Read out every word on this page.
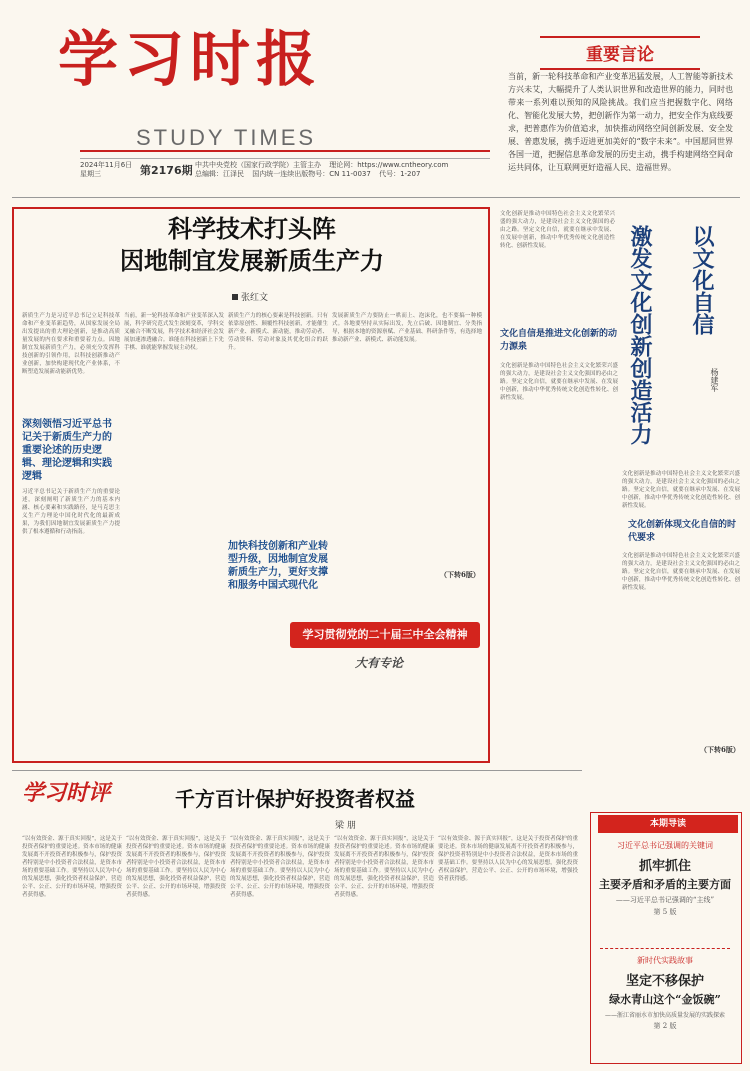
学习时报
STUDY TIMES
2024年11月6日 星期三	第2176期 中共中央党校（国家行政学院）主管主办 理论网：https://www.cntheory.com
总编辑：江泽民 国内统一连续出版物号：CN 11-0037 代号：1-207
重要言论
当前，新一轮科技革命和产业变革迅猛发展，人工智能等新技术方兴未艾，大幅提升了人类认识世界和改造世界的能力，同时也带来一系列难以预知的风险挑战。我们应当把握数字化、网络化、智能化发展大势，把创新作为第一动力，把安全作为底线要求，把普惠作为价值追求，加快推动网络空间创新发展、安全发展、普惠发展，携手迈进更加美好的“数字未来”。中国愿同世界各国一道，把握信息革命发展的历史主动，携手构建网络空间命运共同体，让互联网更好造福人民、造福世界。
科学技术打头阵
因地制宜发展新质生产力
张红文
新质生产力是习近平总书记立足科技革命和产业变革新趋势，从国家发展全局出发提出的重大理论创新，是推动高质量发展的内在要求和重要着力点。因地制宜发展新质生产力，必须充分发挥科技创新的引领作用，以科技创新推动产业创新，加快构建现代化产业体系，不断塑造发展新动能新优势。
深刻领悟习近平总书记关于新质生产力的重要论述的历史逻辑、理论逻辑和实践逻辑
习近平总书记关于新质生产力的重要论述，深刻阐明了新质生产力的基本内涵、核心要素和实践路径，是马克思主义生产力理论中国化时代化的最新成果，为我们因地制宜发展新质生产力提供了根本遵循和行动指南。
当前，新一轮科技革命和产业变革深入发展，科学研究范式发生深刻变革，学科交叉融合不断发展，科学技术和经济社会发展加速渗透融合。谁能在科技创新上下先手棋、谁就能掌握发展主动权。
新质生产力的核心要素是科技创新。只有依靠原创性、颠覆性科技创新，才能催生新产业、新模式、新动能，推动劳动者、劳动资料、劳动对象及其优化组合的跃升。
加快科技创新和产业转型升级，因地制宜发展新质生产力，更好支撑和服务中国式现代化
发展新质生产力要防止一哄而上、泡沫化，也不要搞一种模式。各地要坚持从实际出发，先立后破、因地制宜、分类指导，根据本地的资源禀赋、产业基础、科研条件等，有选择地推动新产业、新模式、新动能发展。
（下转6版）
学习贯彻党的二十届三中全会精神
大有专论
以文化自信
激发文化创新创造活力	杨建军
文化创新是推动中国特色社会主义文化繁荣兴盛的强大动力，是建设社会主义文化强国的必由之路。坚定文化自信，就要在继承中发展、在发展中创新，推动中华优秀传统文化创造性转化、创新性发展。
文化自信是推进文化创新的动力源泉
文化创新是推动中国特色社会主义文化繁荣兴盛的强大动力，是建设社会主义文化强国的必由之路。坚定文化自信，就要在继承中发展、在发展中创新，推动中华优秀传统文化创造性转化、创新性发展。
文化创新是推动中国特色社会主义文化繁荣兴盛的强大动力，是建设社会主义文化强国的必由之路。坚定文化自信，就要在继承中发展、在发展中创新，推动中华优秀传统文化创造性转化、创新性发展。
文化创新体现文化自信的时代要求
文化创新是推动中国特色社会主义文化繁荣兴盛的强大动力，是建设社会主义文化强国的必由之路。坚定文化自信，就要在继承中发展、在发展中创新，推动中华优秀传统文化创造性转化、创新性发展。
（下转6版）
学习时评	千方百计保护好投资者权益
梁 朋
“以有效资金、源于真实回报”，这是关于投资者保护的重要论述。资本市场的健康发展离不开投资者的积极参与，保护投资者特别是中小投资者合法权益，是资本市场的重要基础工作。要坚持以人民为中心的发展思想，强化投资者权益保护，营造公平、公正、公开的市场环境，增强投资者获得感。
“以有效资金、源于真实回报”，这是关于投资者保护的重要论述。资本市场的健康发展离不开投资者的积极参与，保护投资者特别是中小投资者合法权益，是资本市场的重要基础工作。要坚持以人民为中心的发展思想，强化投资者权益保护，营造公平、公正、公开的市场环境，增强投资者获得感。
“以有效资金、源于真实回报”，这是关于投资者保护的重要论述。资本市场的健康发展离不开投资者的积极参与，保护投资者特别是中小投资者合法权益，是资本市场的重要基础工作。要坚持以人民为中心的发展思想，强化投资者权益保护，营造公平、公正、公开的市场环境，增强投资者获得感。
“以有效资金、源于真实回报”，这是关于投资者保护的重要论述。资本市场的健康发展离不开投资者的积极参与，保护投资者特别是中小投资者合法权益，是资本市场的重要基础工作。要坚持以人民为中心的发展思想，强化投资者权益保护，营造公平、公正、公开的市场环境，增强投资者获得感。
“以有效资金、源于真实回报”，这是关于投资者保护的重要论述。资本市场的健康发展离不开投资者的积极参与，保护投资者特别是中小投资者合法权益，是资本市场的重要基础工作。要坚持以人民为中心的发展思想，强化投资者权益保护，营造公平、公正、公开的市场环境，增强投资者获得感。
本期导读
习近平总书记强调的关键词
抓牢抓住
主要矛盾和矛盾的主要方面
——习近平总书记强调的“主线”
第 5 版
新时代实践故事
坚定不移保护
绿水青山这个“金饭碗”
——浙江省丽水市加快高质量发展的实践探索
第 2 版
